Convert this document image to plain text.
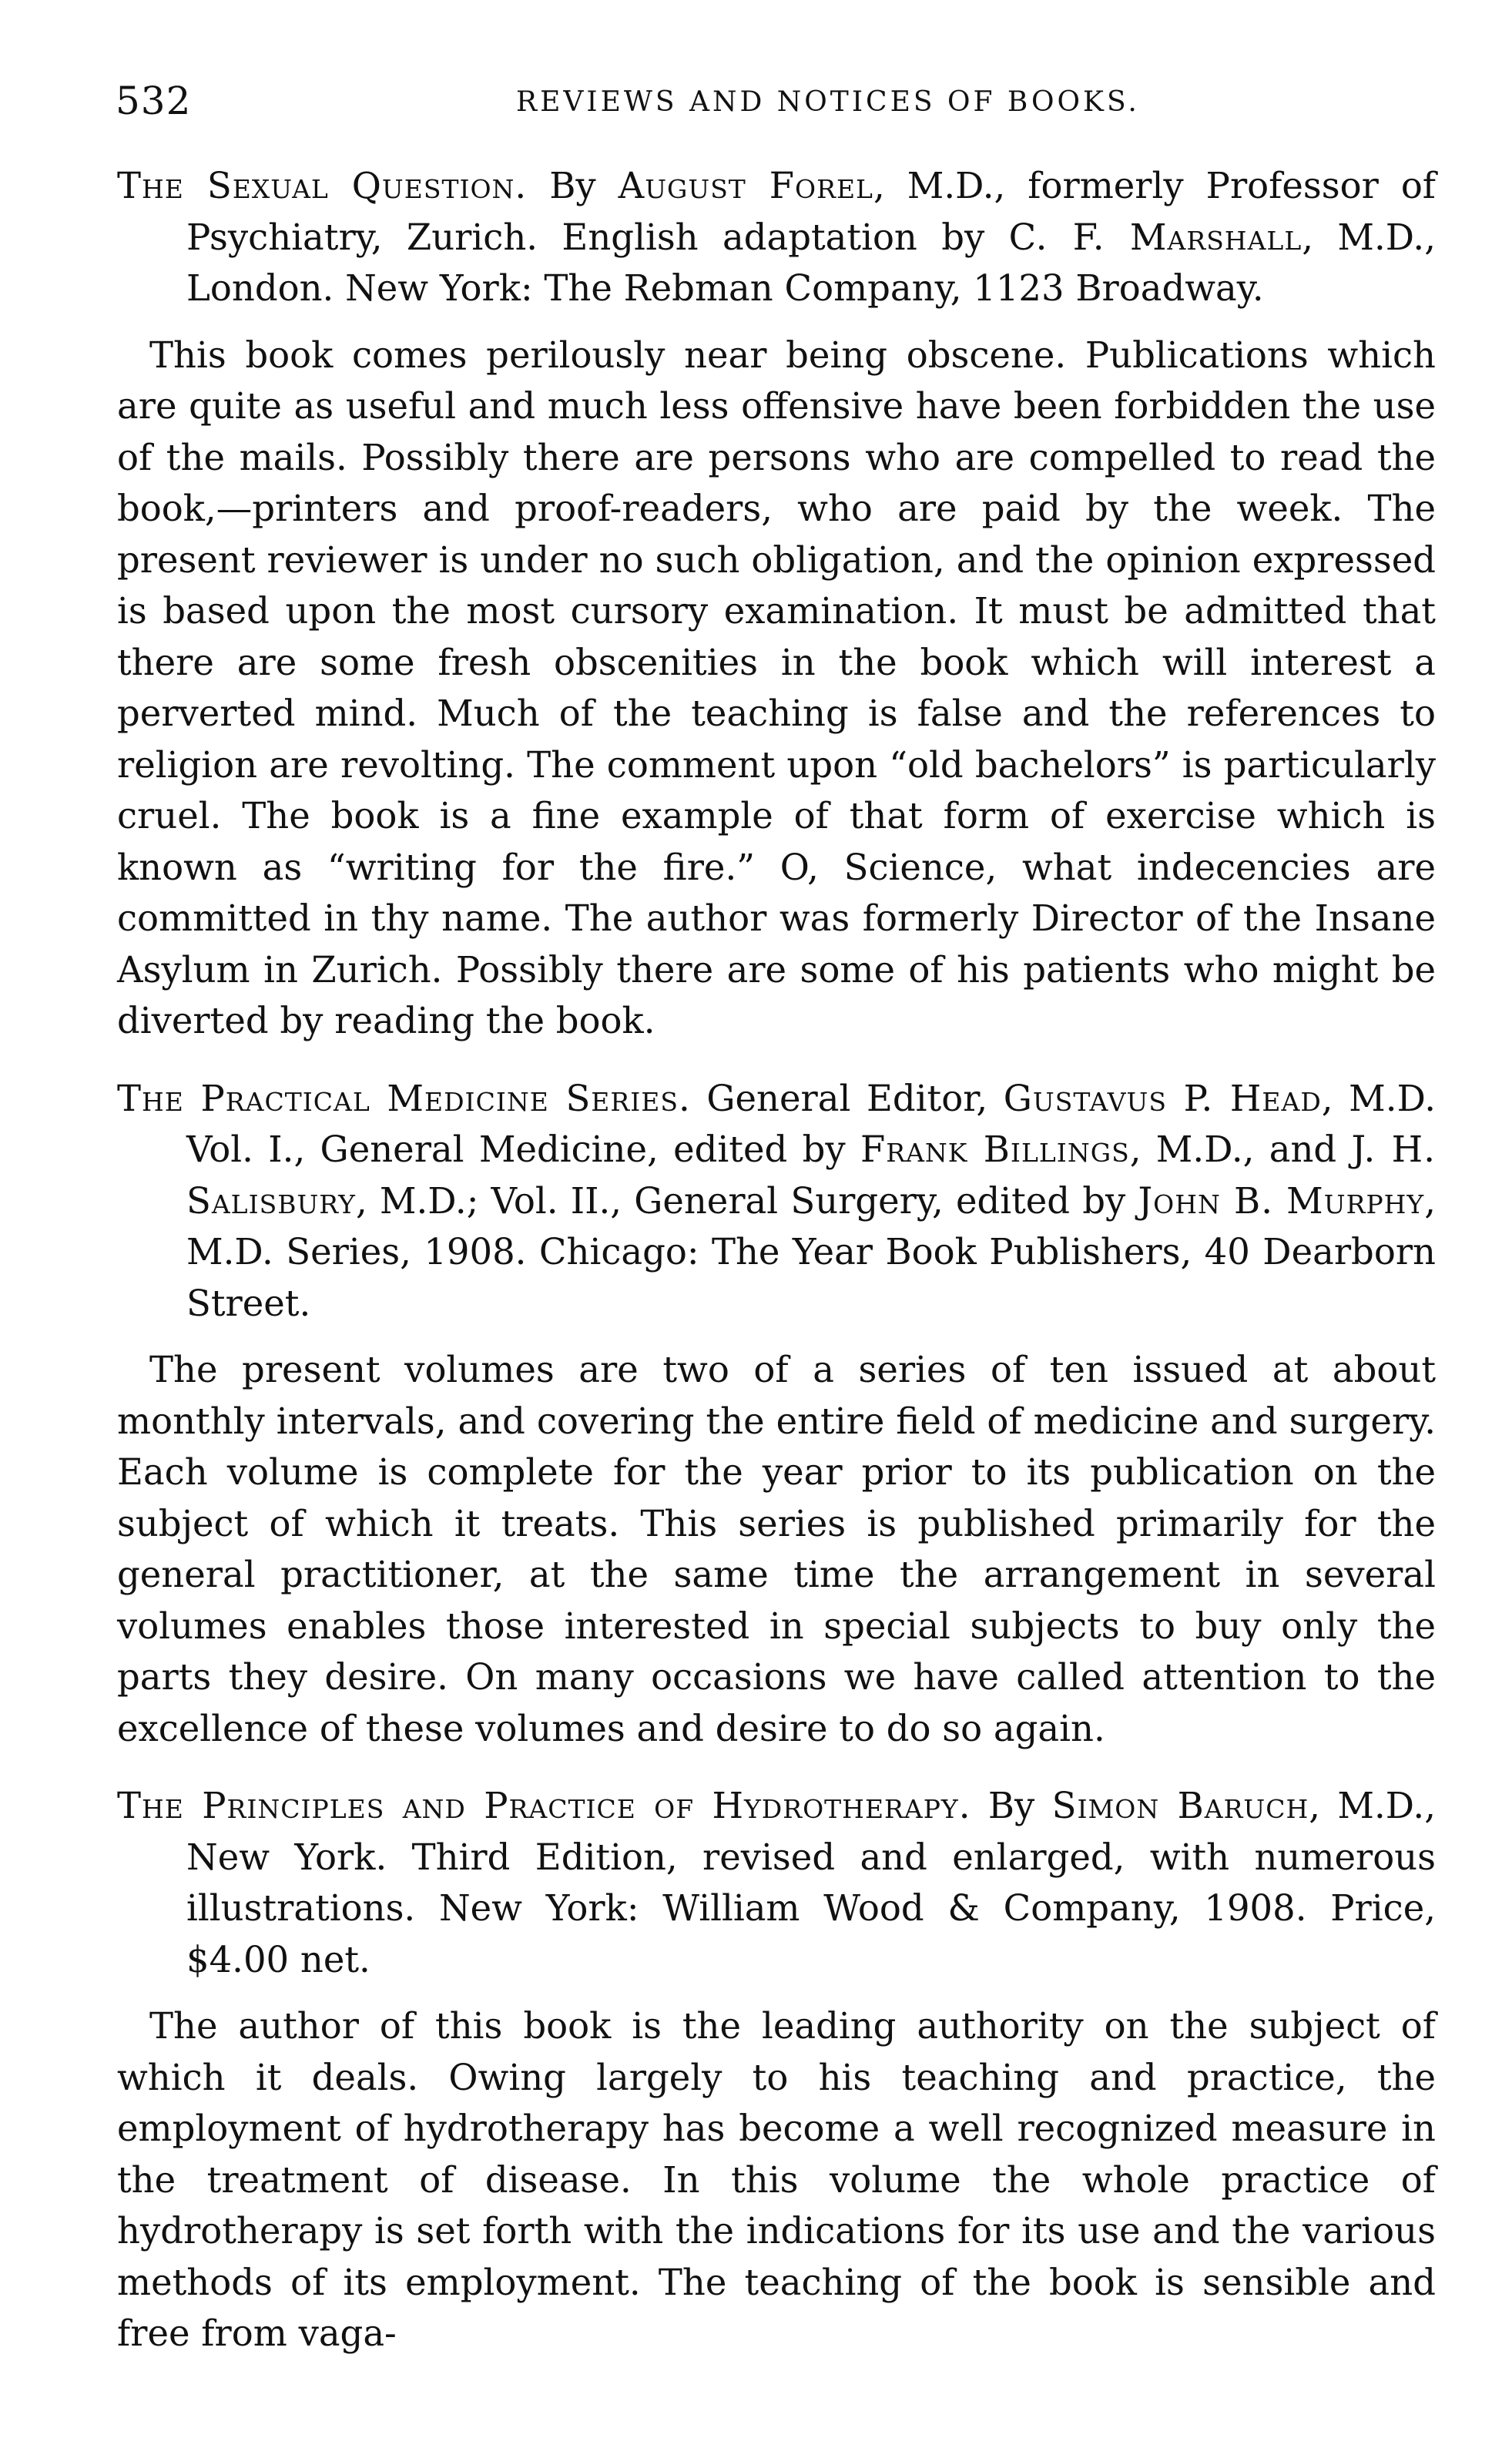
532	REVIEWS AND NOTICES OF BOOKS.

The Sexual Question. By August Forel, M.D., formerly Professor of Psychiatry, Zurich. English adaptation by C. F. Marshall, M.D., London. New York: The Rebman Company, 1123 Broadway.

This book comes perilously near being obscene. Publications which are quite as useful and much less offensive have been forbidden the use of the mails. Possibly there are persons who are compelled to read the book,—printers and proof-readers, who are paid by the week. The present reviewer is under no such obligation, and the opinion expressed is based upon the most cursory examination. It must be admitted that there are some fresh obscenities in the book which will interest a perverted mind. Much of the teaching is false and the references to religion are revolting. The comment upon “old bachelors” is particularly cruel. The book is a fine example of that form of exercise which is known as “writing for the fire.” O, Science, what indecencies are committed in thy name. The author was formerly Director of the Insane Asylum in Zurich. Possibly there are some of his patients who might be diverted by reading the book.

The Practical Medicine Series. General Editor, Gustavus P. Head, M.D. Vol. I., General Medicine, edited by Frank Billings, M.D., and J. H. Salisbury, M.D.; Vol. II., General Surgery, edited by John B. Murphy, M.D. Series, 1908. Chicago: The Year Book Publishers, 40 Dearborn Street.

The present volumes are two of a series of ten issued at about monthly intervals, and covering the entire field of medicine and surgery. Each volume is complete for the year prior to its publication on the subject of which it treats. This series is published primarily for the general practitioner, at the same time the arrangement in several volumes enables those interested in special subjects to buy only the parts they desire. On many occasions we have called attention to the excellence of these volumes and desire to do so again.

The Principles and Practice of Hydrotherapy. By Simon Baruch, M.D., New York. Third Edition, revised and enlarged, with numerous illustrations. New York: William Wood & Company, 1908. Price, $4.00 net.

The author of this book is the leading authority on the subject of which it deals. Owing largely to his teaching and practice, the employment of hydrotherapy has become a well recognized measure in the treatment of disease. In this volume the whole practice of hydrotherapy is set forth with the indications for its use and the various methods of its employment. The teaching of the book is sensible and free from vaga-
